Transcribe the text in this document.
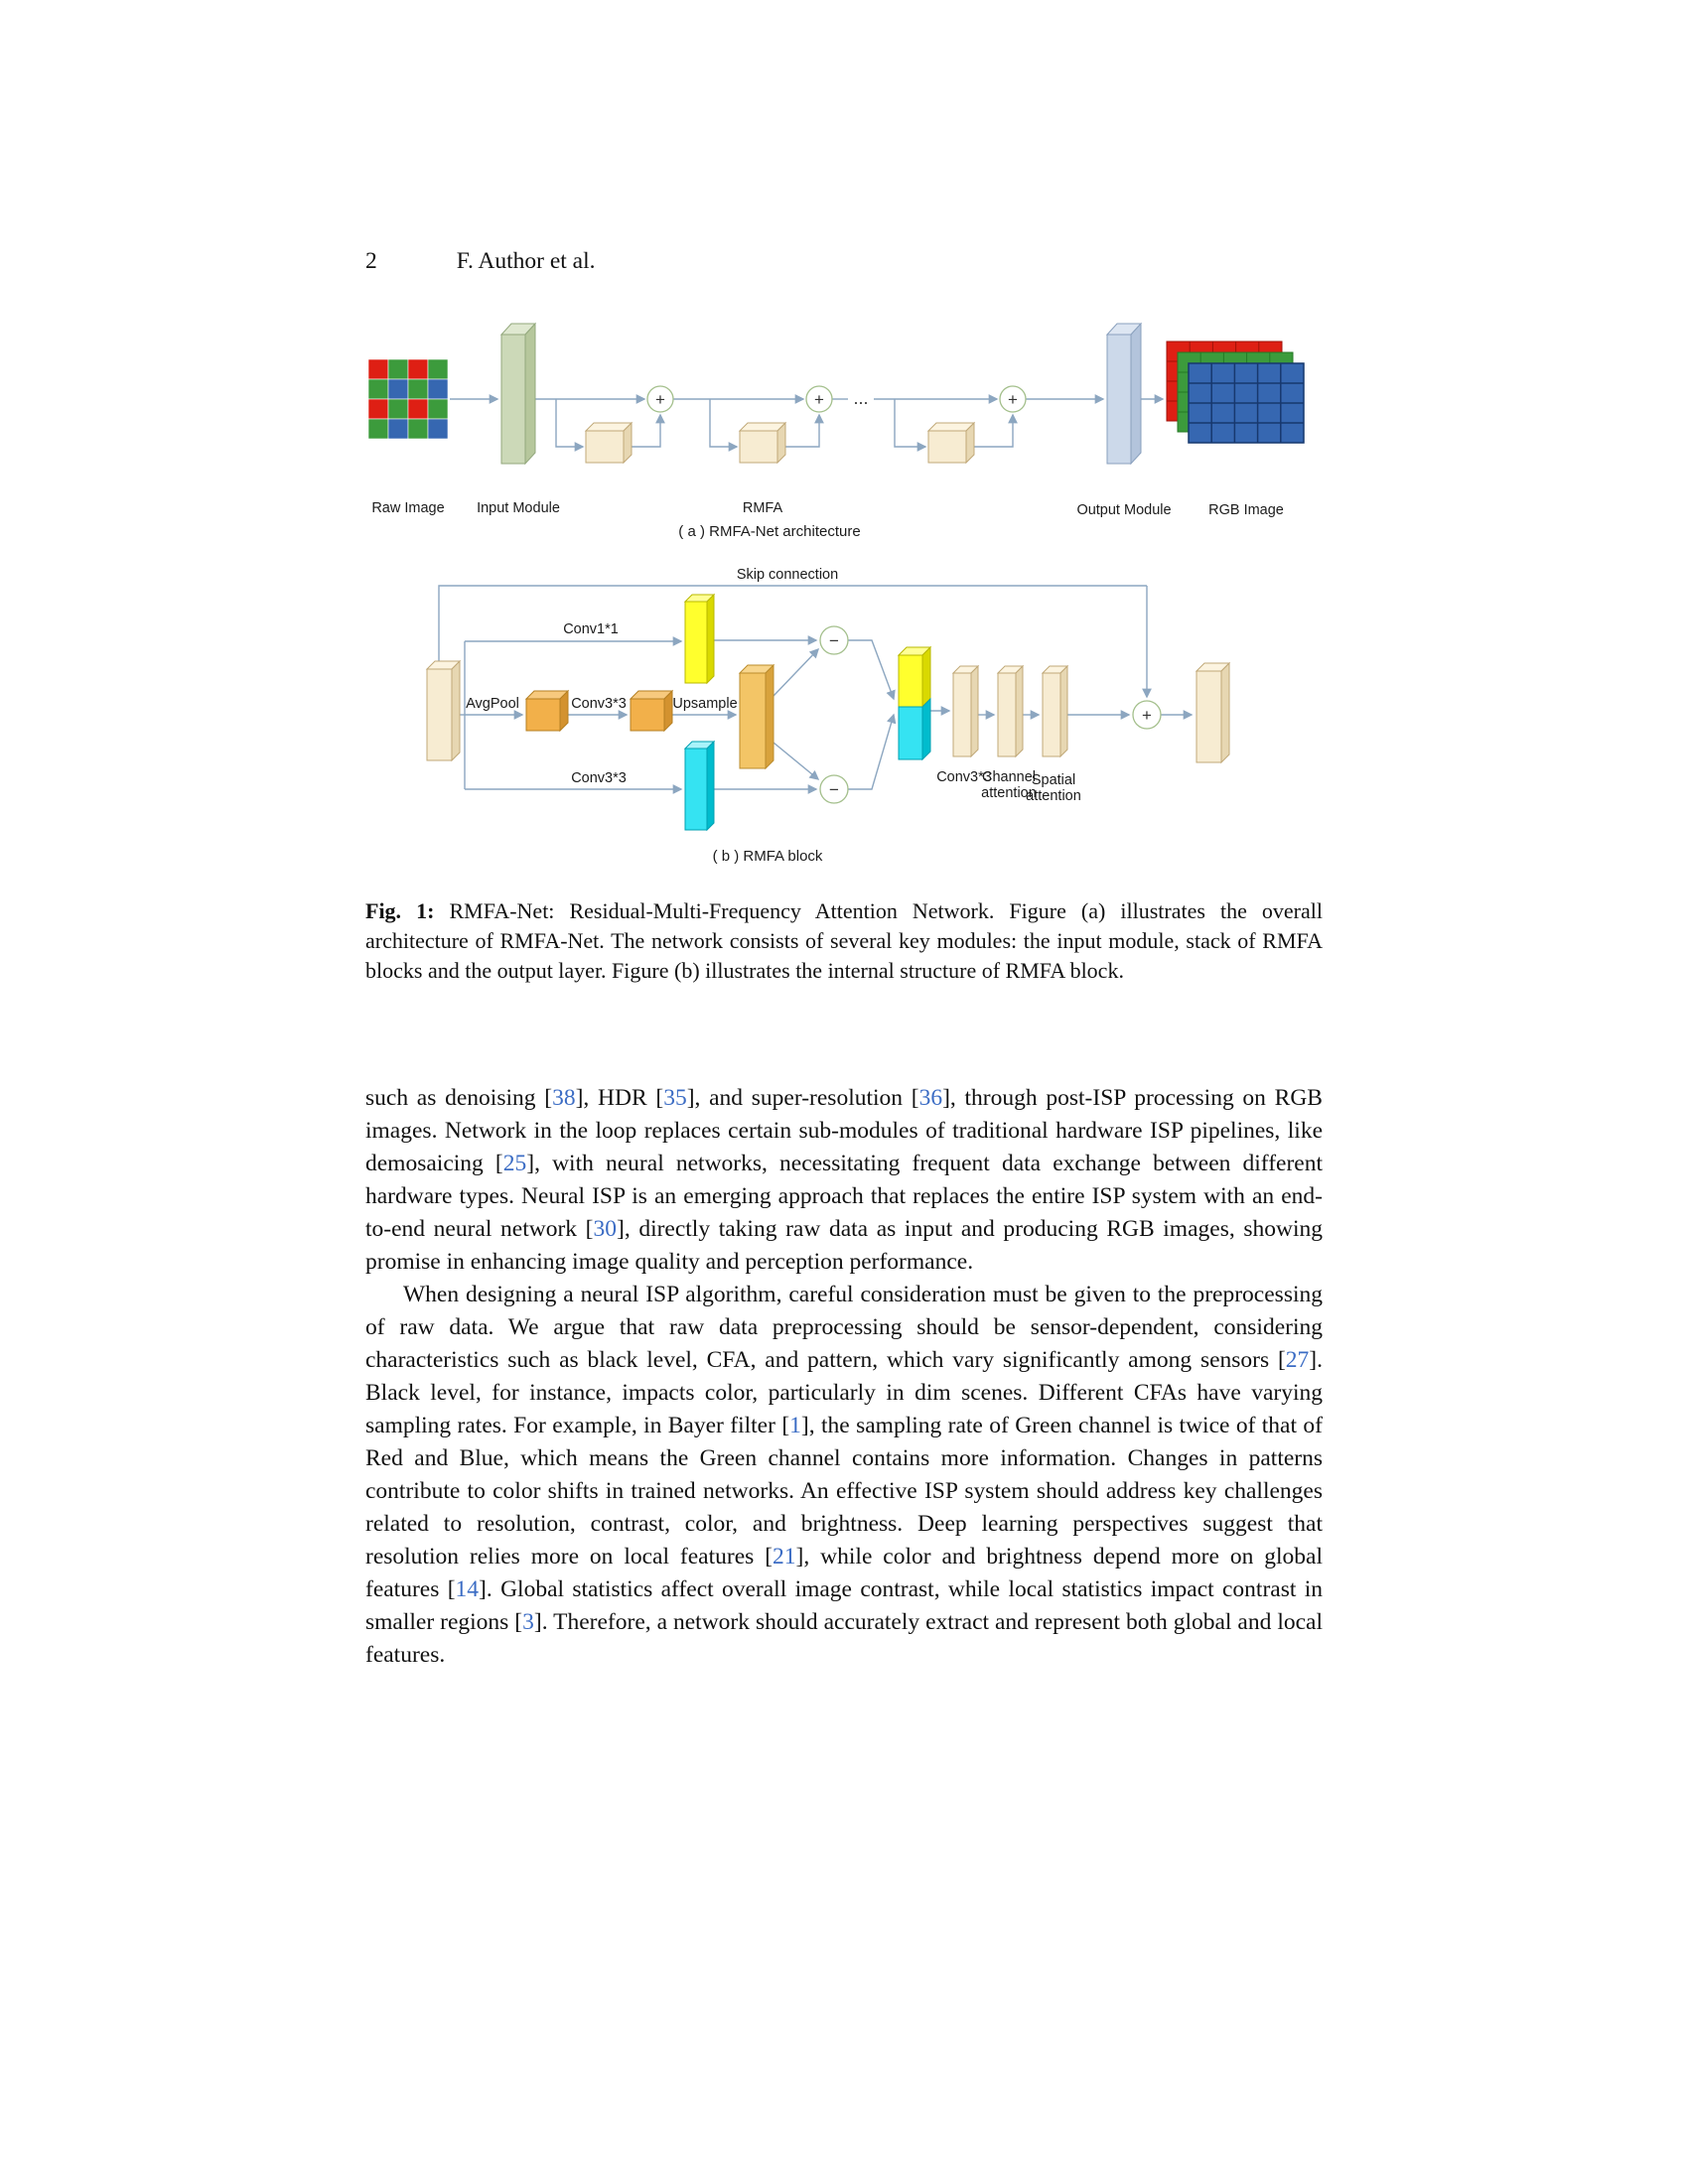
2	F. Author et al.
+	+ ...	+
Raw Image Input Module	RMFA	Output Module	RGB Image
( a ) RMFA-Net architecture
−
−
+
Skip connection
Conv1*1
AvgPool	Conv3*3	Upsample
Conv3*3	Conv3*3
Channel
attention
Spatial
attention
( b ) RMFA block
Fig. 1: RMFA-Net: Residual-Multi-Frequency Attention Network. Figure (a) illustrates the overall architecture of RMFA-Net. The network consists of several key modules: the input module, stack of RMFA blocks and the output layer. Figure (b) illustrates the internal structure of RMFA block.

such as denoising [38], HDR [35], and super-resolution [36], through post-ISP processing on RGB images. Network in the loop replaces certain sub-modules of traditional hardware ISP pipelines, like demosaicing [25], with neural networks, necessitating frequent data exchange between different hardware types. Neural ISP is an emerging approach that replaces the entire ISP system with an end-to-end neural network [30], directly taking raw data as input and producing RGB images, showing promise in enhancing image quality and perception performance.

When designing a neural ISP algorithm, careful consideration must be given to the preprocessing of raw data. We argue that raw data preprocessing should be sensor-dependent, considering characteristics such as black level, CFA, and pattern, which vary significantly among sensors [27]. Black level, for instance, impacts color, particularly in dim scenes. Different CFAs have varying sampling rates. For example, in Bayer filter [1], the sampling rate of Green channel is twice of that of Red and Blue, which means the Green channel contains more information. Changes in patterns contribute to color shifts in trained networks. An effective ISP system should address key challenges related to resolution, contrast, color, and brightness. Deep learning perspectives suggest that resolution relies more on local features [21], while color and brightness depend more on global features [14]. Global statistics affect overall image contrast, while local statistics impact contrast in smaller regions [3]. Therefore, a network should accurately extract and represent both global and local features.
